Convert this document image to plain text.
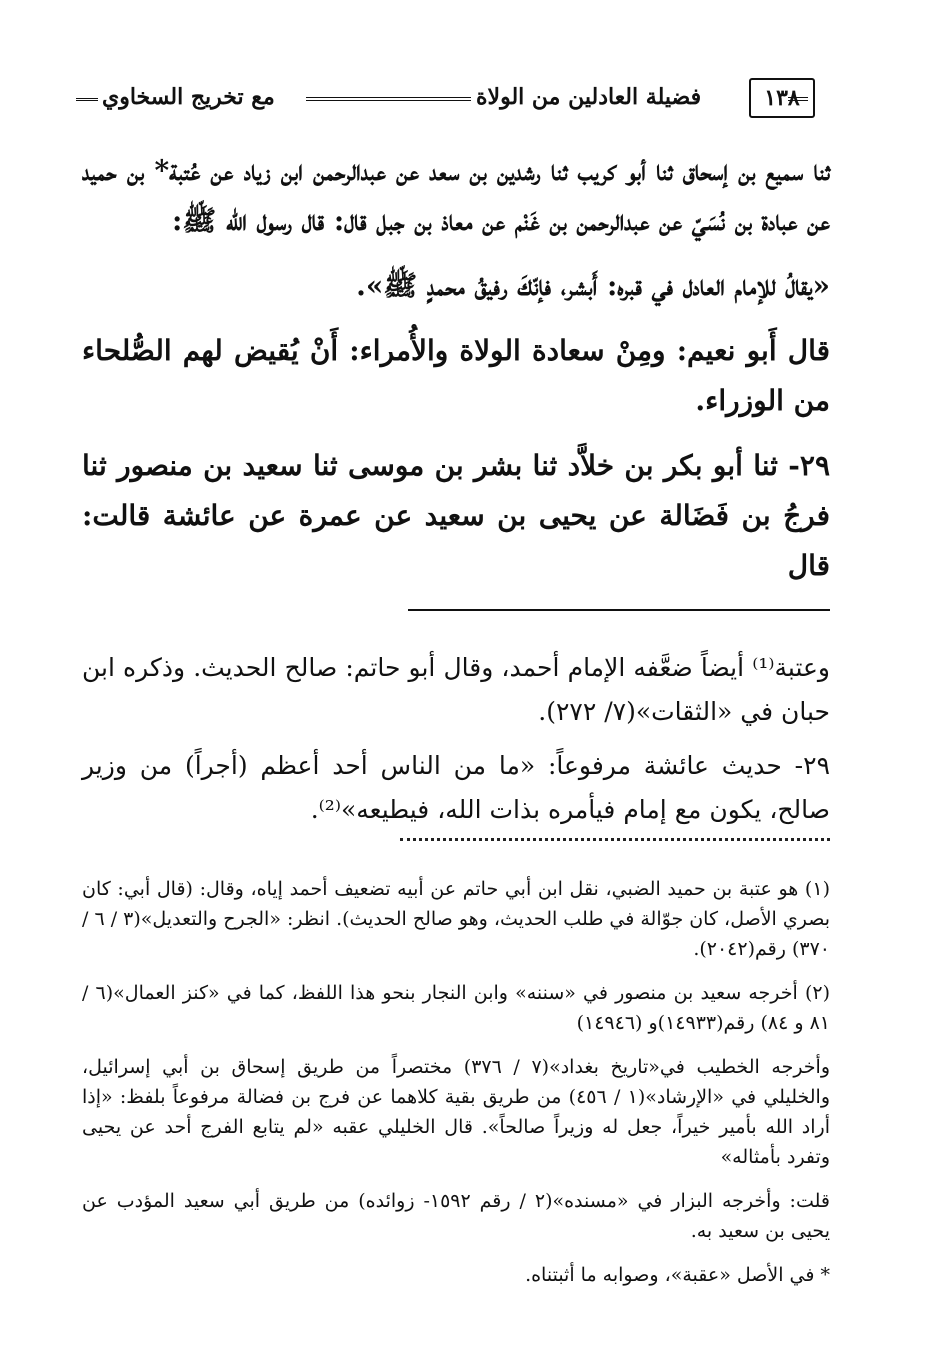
١٣٨
فضيلة العادلين من الولاة
مع تخريج السخاوي

ثنا سميع بن إسحاق ثنا أبو كريب ثنا رشدين بن سعد عن عبدالرحمن ابن زياد عن عُتبة* بن حميد عن عبادة بن نُسَيّ عن عبدالرحمن بن غَنْم عن معاذ بن جبل قال: قال رسول الله ﷺ:

«يقالُ للإمام العادل في قبره: أَبشر، فإنّكَ رفيقُ محمدٍ ﷺ».

قال أَبو نعيم: ومِنْ سعادة الولاة والأُمراء: أَنْ يُقيض لهم الصُّلحاء من الوزراء.

٢٩- ثنا أبو بكر بن خلاَّد ثنا بشر بن موسى ثنا سعيد بن منصور ثنا فرجُ بن فَضَالة عن يحيى بن سعيد عن عمرة عن عائشة قالت: قال

وعتبة⁽¹⁾ أيضاً ضعَّفه الإمام أحمد، وقال أبو حاتم: صالح الحديث. وذكره ابن حبان في «الثقات»(٧/ ٢٧٢).

٢٩- حديث عائشة مرفوعاً: «ما من الناس أحد أعظم (أجراً) من وزير صالح، يكون مع إمام فيأمره بذات الله، فيطيعه»⁽²⁾.

(١) هو عتبة بن حميد الضبي، نقل ابن أبي حاتم عن أبيه تضعيف أحمد إياه، وقال: (قال أبي: كان بصري الأصل، كان جوّالة في طلب الحديث، وهو صالح الحديث). انظر: «الجرح والتعديل»(٣ / ٦ / ٣٧٠) رقم(٢٠٤٢).

(٢) أخرجه سعيد بن منصور في «سننه» وابن النجار بنحو هذا اللفظ، كما في «كنز العمال»(٦ / ٨١ و ٨٤) رقم(١٤٩٣٣)و (١٤٩٤٦)

وأخرجه الخطيب في«تاريخ بغداد»(٧ / ٣٧٦) مختصراً من طريق إسحاق بن أبي إسرائيل، والخليلي في «الإرشاد»(١ / ٤٥٦) من طريق بقية كلاهما عن فرج بن فضالة مرفوعاً بلفظ: «إذا أراد الله بأمير خيراً، جعل له وزيراً صالحاً». قال الخليلي عقبه «لم يتابع الفرج أحد عن يحيى وتفرد بأمثاله»

قلت: وأخرجه البزار في «مسنده»(٢ / رقم ١٥٩٢- زوائده) من طريق أبي سعيد المؤدب عن يحيى بن سعيد به.

* في الأصل «عقبة»، وصوابه ما أثبتناه.
